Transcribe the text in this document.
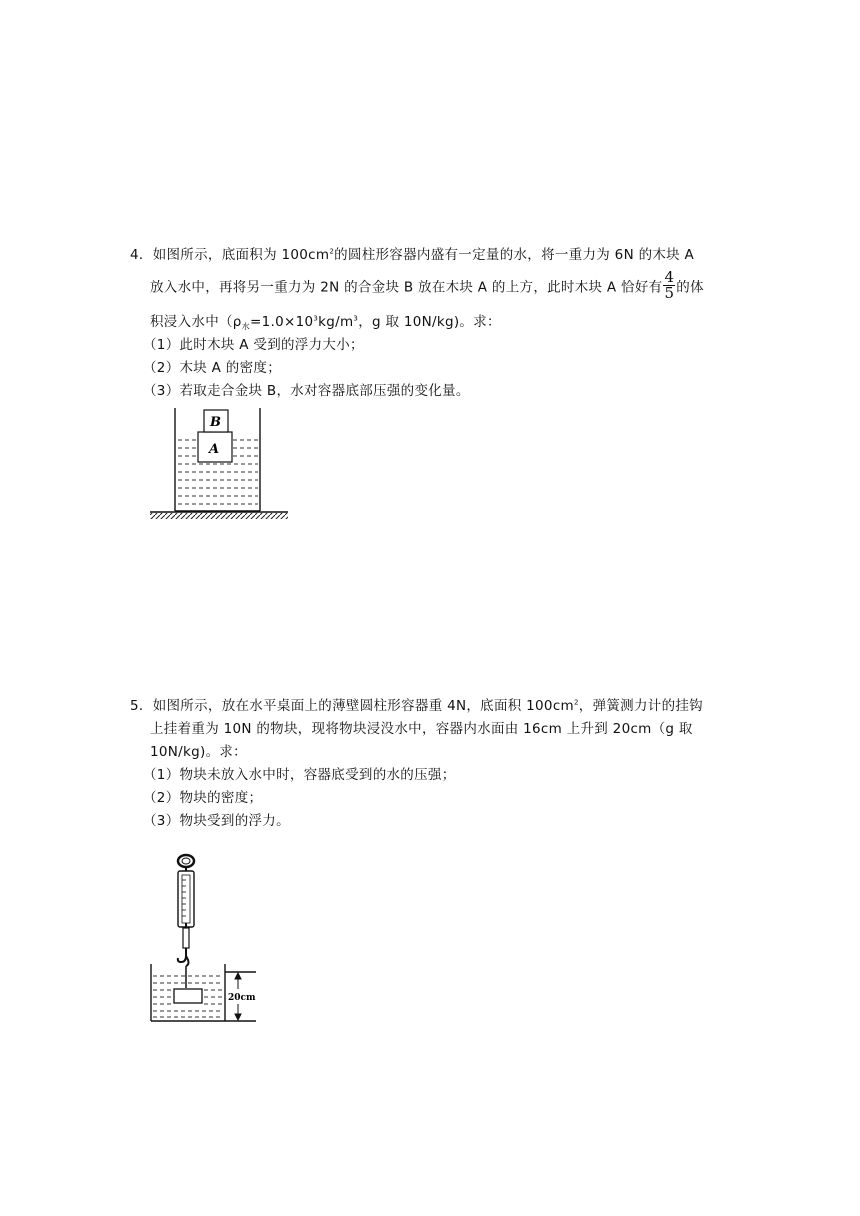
4．如图所示，底面积为 $100cm^2$的圆柱形容器内盛有一定量的水，将一重力为 6N 的木块 A
放入水中，再将另一重力为 2N 的合金块 B 放在木块 A 的上方，此时木块 A 恰好有 $\frac{4}{5}$ 的体
积浸入水中（$\rho_水=1.0\times 10^3kg/m^3$，g 取 10N/kg)。求：
（1）此时木块 A 受到的浮力大小；
（2）木块 A 的密度；
（3）若取走合金块 B，水对容器底部压强的变化量。
A
B
5．如图所示，放在水平桌面上的薄壁圆柱形容器重 4N，底面积 $100cm^2$，弹簧测力计的挂钩
上挂着重为 10N 的物块，现将物块浸没水中，容器内水面由 16cm 上升到 20cm（g 取
10N/kg)。求：
（1）物块未放入水中时，容器底受到的水的压强；
（2）物块的密度；
（3）物块受到的浮力。
20cm
